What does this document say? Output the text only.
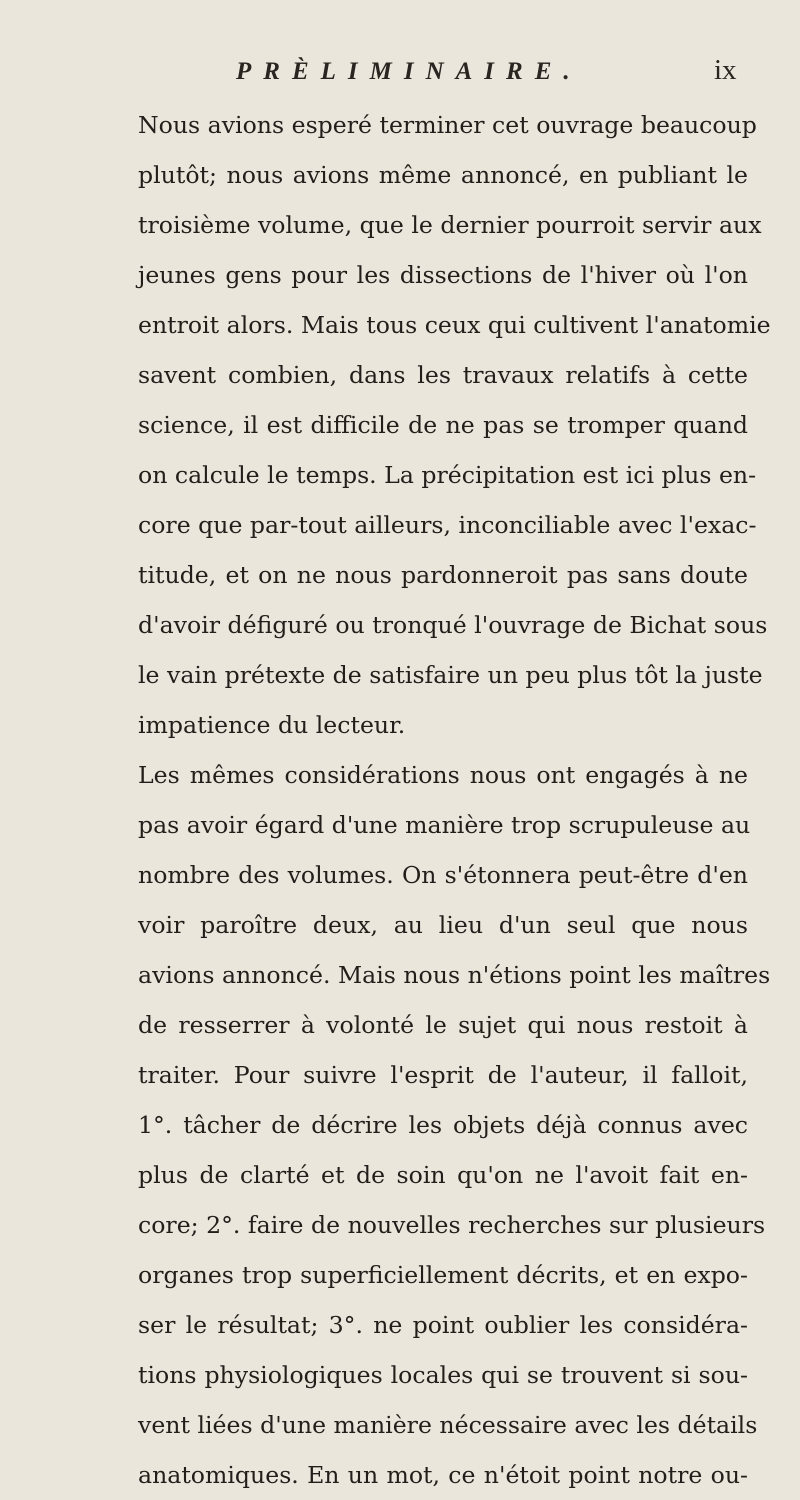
PRÈLIMINAIRE.	ix
Nous avions esperé terminer cet ouvrage beaucoup
plutôt; nous avions même annoncé, en publiant le
troisième volume, que le dernier pourroit servir aux
jeunes gens pour les dissections de l'hiver où l'on
entroit alors. Mais tous ceux qui cultivent l'anatomie
savent combien, dans les travaux relatifs à cette
science, il est difficile de ne pas se tromper quand
on calcule le temps. La précipitation est ici plus en-
core que par-tout ailleurs, inconciliable avec l'exac-
titude, et on ne nous pardonneroit pas sans doute
d'avoir défiguré ou tronqué l'ouvrage de Bichat sous
le vain prétexte de satisfaire un peu plus tôt la juste
impatience du lecteur.
Les mêmes considérations nous ont engagés à ne
pas avoir égard d'une manière trop scrupuleuse au
nombre des volumes. On s'étonnera peut-être d'en
voir paroître deux, au lieu d'un seul que nous
avions annoncé. Mais nous n'étions point les maîtres
de resserrer à volonté le sujet qui nous restoit à
traiter. Pour suivre l'esprit de l'auteur, il falloit,
1°. tâcher de décrire les objets déjà connus avec
plus de clarté et de soin qu'on ne l'avoit fait en-
core; 2°. faire de nouvelles recherches sur plusieurs
organes trop superficiellement décrits, et en expo-
ser le résultat; 3°. ne point oublier les considéra-
tions physiologiques locales qui se trouvent si sou-
vent liées d'une manière nécessaire avec les détails
anatomiques. En un mot, ce n'étoit point notre ou-
